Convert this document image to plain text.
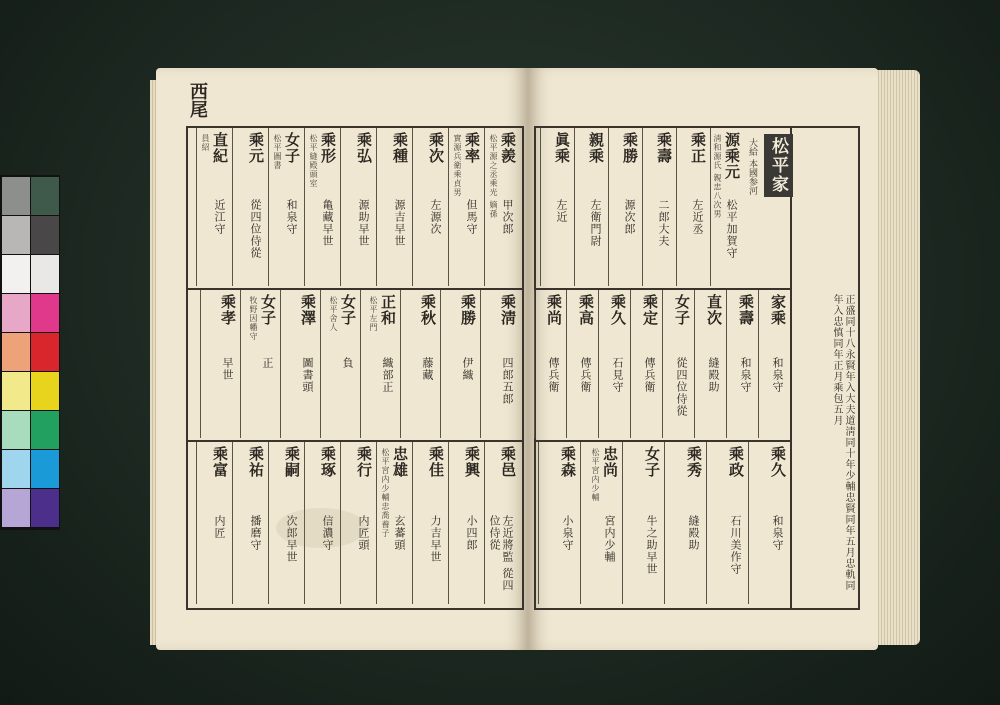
西尾
乘羨
松平源之丞乘光 嫡孫 甲次郎
乘率
實源兵衛乘貞男
但馬守
乘次
左源次
乘種
源吉早世
乘弘
源助早世
乘形
松平縫殿頭室
亀藏早世
女子
松平圖書
和泉守
乘元
從四位侍從
直紀
員紹
近江守
乘淸
四郎五郎
乘勝
伊織
乘秋
藤藏
正和
松平左門
織部正
女子
松平舍人
負
乘澤
圖書頭
女子
牧野因幡守
正
乘孝
早世
乘邑
左近將監 從四位侍從
乘興
小四郎
乘佳
力吉早世
忠雄
松平宮内少輔忠喬養子 玄蕃頭
乘行
内匠頭
乘琢
信濃守
乘嗣
次郎早世
乘祐
播磨守
乘富
内匠
松平家
大給 本國参河
源乘元
淸和源氏 親忠八次男
松平加賀守
乘正
左近丞
乘壽
二郎大夫
乘勝
源次郎
親乘
左衛門尉
眞乘
左近
家乘
和泉守
乘壽
和泉守
直次
縫殿助
女子
從四位侍從
乘定
傳兵衛
乘久
石見守
乘高
傳兵衛
乘尚
傳兵衛
乘久
和泉守
乘政
石川美作守
乘秀
縫殿助
女子
牛之助早世
忠尚
松平宮内少輔
宮内少輔
乘森
小泉守	正盛同十八永賢年入大夫道淸同十年少輔忠賢同年五月忠軌同年入忠慎同年正月乘包五月
